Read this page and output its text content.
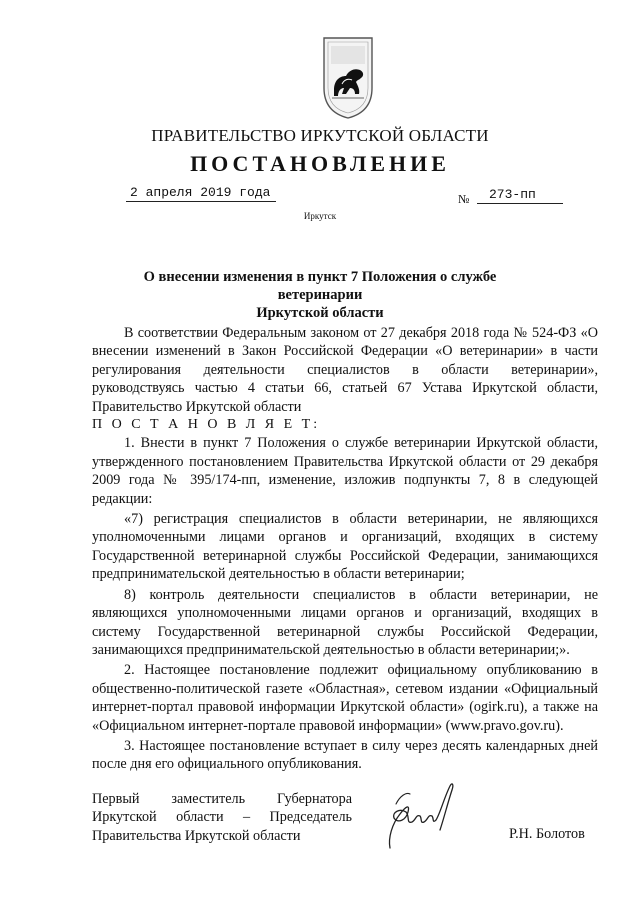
ПРАВИТЕЛЬСТВО ИРКУТСКОЙ ОБЛАСТИ
ПОСТАНОВЛЕНИЕ
2 апреля 2019 года	№	273-пп
Иркутск
О внесении изменения в пункт 7 Положения о службе ветеринарии
Иркутской области

В соответствии Федеральным законом от 27 декабря 2018 года № 524-ФЗ «О внесении изменений в Закон Российской Федерации «О ветеринарии» в части регулирования деятельности специалистов в области ветеринарии», руководствуясь частью 4 статьи 66, статьей 67 Устава Иркутской области, Правительство Иркутской области

П О С Т А Н О В Л Я Е Т:

1. Внести в пункт 7 Положения о службе ветеринарии Иркутской области, утвержденного постановлением Правительства Иркутской области от 29 декабря 2009 года № 395/174-пп, изменение, изложив подпункты 7, 8 в следующей редакции:

«7) регистрация специалистов в области ветеринарии, не являющихся уполномоченными лицами органов и организаций, входящих в систему Государственной ветеринарной службы Российской Федерации, занимающихся предпринимательской деятельностью в области ветеринарии;

8) контроль деятельности специалистов в области ветеринарии, не являющихся уполномоченными лицами органов и организаций, входящих в систему Государственной ветеринарной службы Российской Федерации, занимающихся предпринимательской деятельностью в области ветеринарии;».

2. Настоящее постановление подлежит официальному опубликованию в общественно-политической газете «Областная», сетевом издании «Официальный интернет-портал правовой информации Иркутской области» (ogirk.ru), а также на «Официальном интернет-портале правовой информации» (www.pravo.gov.ru).

3. Настоящее постановление вступает в силу через десять календарных дней после дня его официального опубликования.

Первый заместитель Губернатора
Иркутской области – Председатель
Правительства Иркутской области	Р.Н. Болотов
